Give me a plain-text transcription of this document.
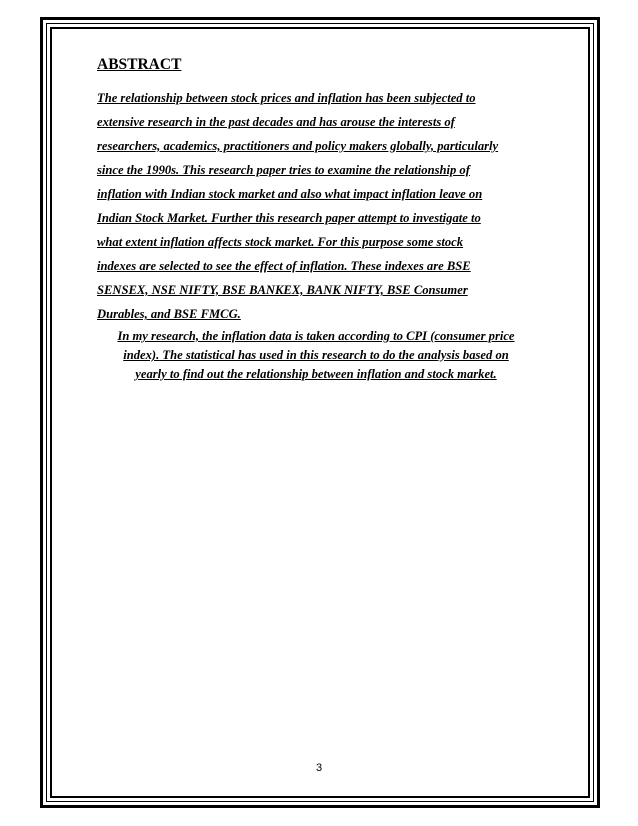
ABSTRACT

The relationship between stock prices and inflation has been subjected to
extensive research in the past decades and has arouse the interests of
researchers, academics, practitioners and policy makers globally, particularly
since the 1990s. This research paper tries to examine the relationship of
inflation with Indian stock market and also what impact inflation leave on
Indian Stock Market. Further this research paper attempt to investigate to
what extent inflation affects stock market. For this purpose some stock
indexes are selected to see the effect of inflation. These indexes are BSE
SENSEX, NSE NIFTY, BSE BANKEX, BANK NIFTY, BSE Consumer
Durables, and BSE FMCG.

In my research, the inflation data is taken according to CPI (consumer price
index). The statistical has used in this research to do the analysis based on
yearly to find out the relationship between inflation and stock market.

3
